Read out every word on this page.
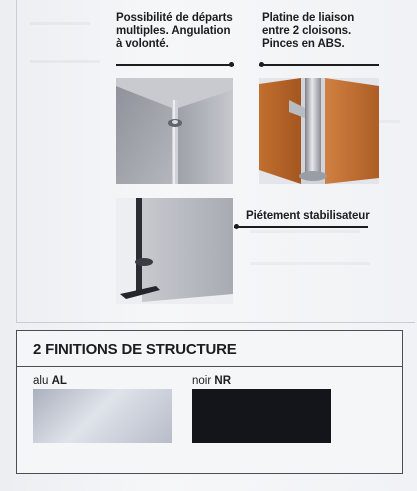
Possibilité de départs
multiples. Angulation
à volonté.
Platine de liaison
entre 2 cloisons.
Pinces en ABS.
Piétement stabilisateur
2 FINITIONS DE STRUCTURE
alu AL	noir NR
